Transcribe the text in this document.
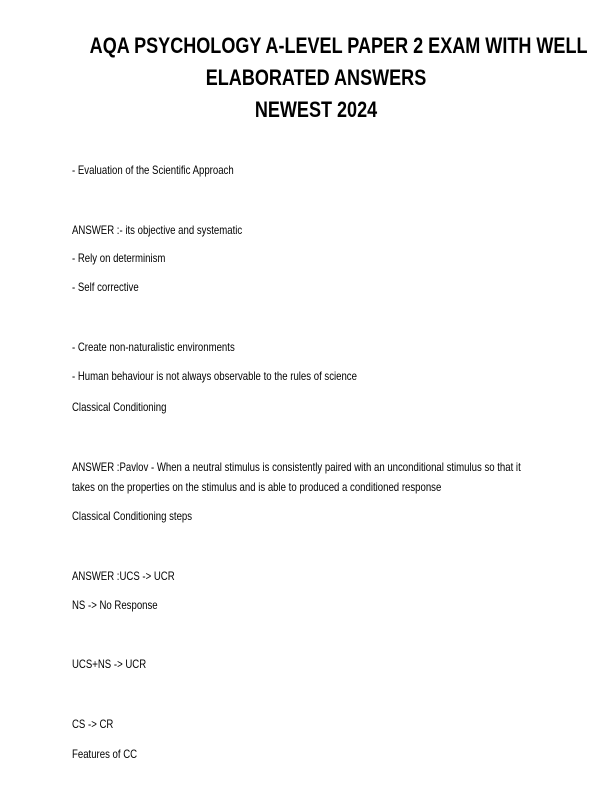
AQA PSYCHOLOGY A-LEVEL PAPER 2 EXAM WITH WELL
ELABORATED ANSWERS
NEWEST 2024
- Evaluation of the Scientific Approach
ANSWER :- its objective and systematic
- Rely on determinism
- Self corrective
- Create non-naturalistic environments
- Human behaviour is not always observable to the rules of science
Classical Conditioning
ANSWER :Pavlov - When a neutral stimulus is consistently paired with an unconditional stimulus so that it
takes on the properties on the stimulus and is able to produced a conditioned response
Classical Conditioning steps
ANSWER :UCS -> UCR
NS -> No Response
UCS+NS -> UCR
CS -> CR
Features of CC
